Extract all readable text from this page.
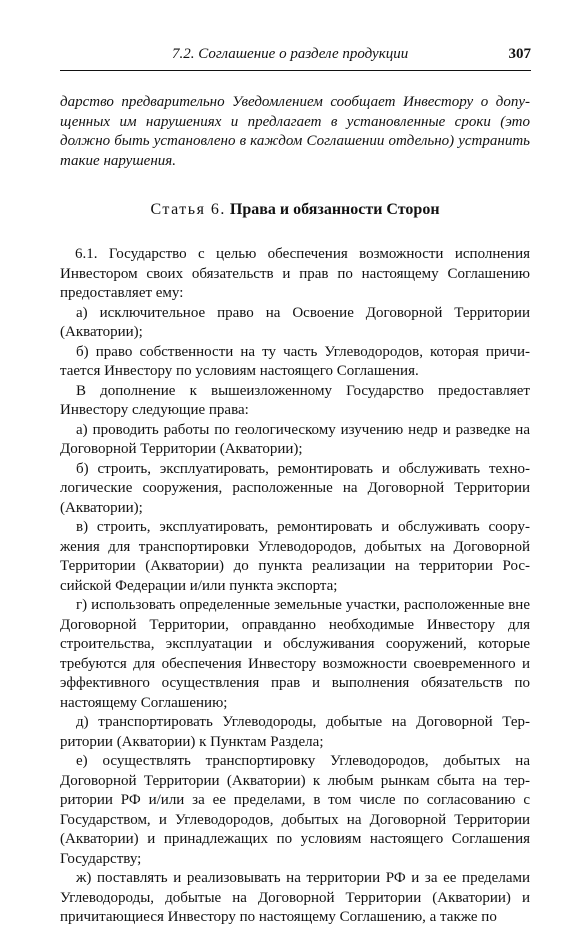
7.2. Соглашение о разделе продукции	307

дарство предварительно Уведомлением сообщает Инвестору о допущенных им нарушениях и предлагает в установленные сроки (это должно быть установлено в каждом Соглашении отдельно) устранить такие нарушения.

Статья 6. Права и обязанности Сторон

6.1. Государство с целью обеспечения возможности исполнения Инвестором своих обязательств и прав по настоящему Соглашению предоставляет ему:

а) исключительное право на Освоение Договорной Территории (Акватории);

б) право собственности на ту часть Углеводородов, которая причитается Инвестору по условиям настоящего Соглашения.

В дополнение к вышеизложенному Государство предоставляет Инвестору следующие права:

а) проводить работы по геологическому изучению недр и разведке на Договорной Территории (Акватории);

б) строить, эксплуатировать, ремонтировать и обслуживать технологические сооружения, расположенные на Договорной Территории (Акватории);

в) строить, эксплуатировать, ремонтировать и обслуживать сооружения для транспортировки Углеводородов, добытых на Договорной Территории (Акватории) до пункта реализации на территории Российской Федерации и/или пункта экспорта;

г) использовать определенные земельные участки, расположенные вне Договорной Территории, оправданно необходимые Инвестору для строительства, эксплуатации и обслуживания сооружений, которые требуются для обеспечения Инвестору возможности своевременного и эффективного осуществления прав и выполнения обязательств по настоящему Соглашению;

д) транспортировать Углеводороды, добытые на Договорной Территории (Акватории) к Пунктам Раздела;

е) осуществлять транспортировку Углеводородов, добытых на Договорной Территории (Акватории) к любым рынкам сбыта на территории РФ и/или за ее пределами, в том числе по согласованию с Государством, и Углеводородов, добытых на Договорной Территории (Акватории) и принадлежащих по условиям настоящего Соглашения Государству;

ж) поставлять и реализовывать на территории РФ и за ее пределами Углеводороды, добытые на Договорной Территории (Акватории) и причитающиеся Инвестору по настоящему Соглашению, а также по
